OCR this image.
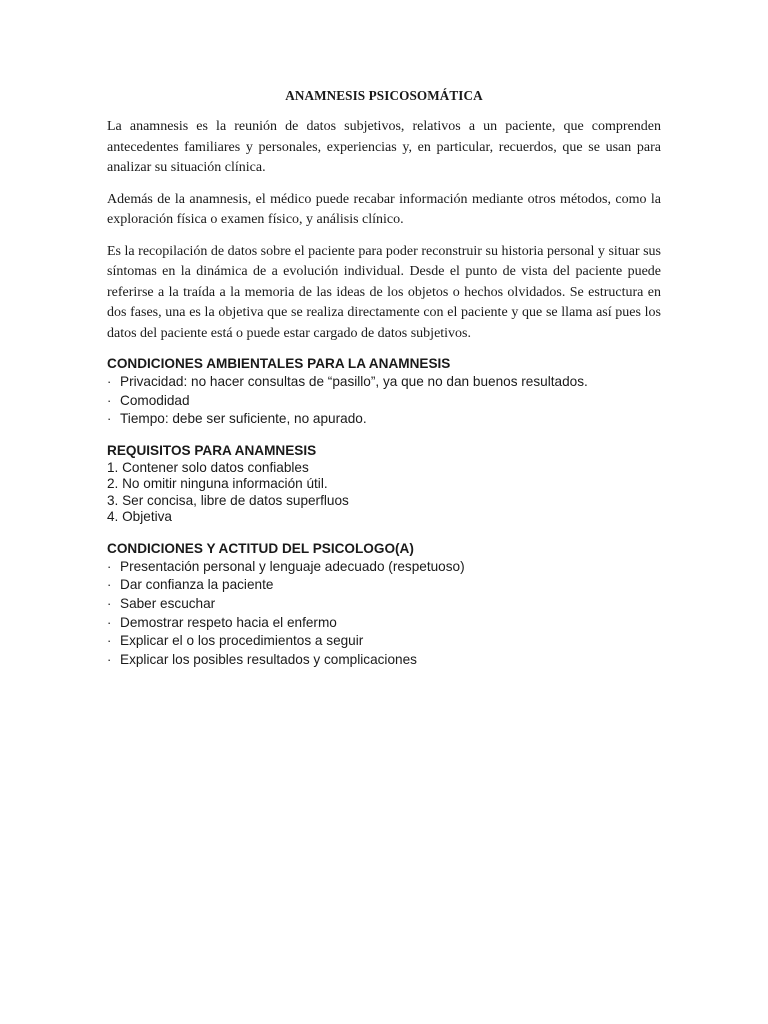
ANAMNESIS PSICOSOMÁTICA

La anamnesis es la reunión de datos subjetivos, relativos a un paciente, que comprenden antecedentes familiares y personales, experiencias y, en particular, recuerdos, que se usan para analizar su situación clínica.

Además de la anamnesis, el médico puede recabar información mediante otros métodos, como la exploración física o examen físico, y análisis clínico.

Es la recopilación de datos sobre el paciente para poder reconstruir su historia personal y situar sus síntomas en la dinámica de a evolución individual. Desde el punto de vista del paciente puede referirse a la traída a la memoria de las ideas de los objetos o hechos olvidados. Se estructura en dos fases, una es la objetiva que se realiza directamente con el paciente y que se llama así pues los datos del paciente está o puede estar cargado de datos subjetivos.

CONDICIONES AMBIENTALES PARA LA ANAMNESIS
· Privacidad: no hacer consultas de “pasillo”, ya que no dan buenos resultados.
· Comodidad
· Tiempo: debe ser suficiente, no apurado.
REQUISITOS PARA ANAMNESIS
1. Contener solo datos confiables
2. No omitir ninguna información útil.
3. Ser concisa, libre de datos superfluos
4. Objetiva
CONDICIONES Y ACTITUD DEL PSICOLOGO(A)
· Presentación personal y lenguaje adecuado (respetuoso)
· Dar confianza la paciente
· Saber escuchar
· Demostrar respeto hacia el enfermo
· Explicar el o los procedimientos a seguir
· Explicar los posibles resultados y complicaciones
